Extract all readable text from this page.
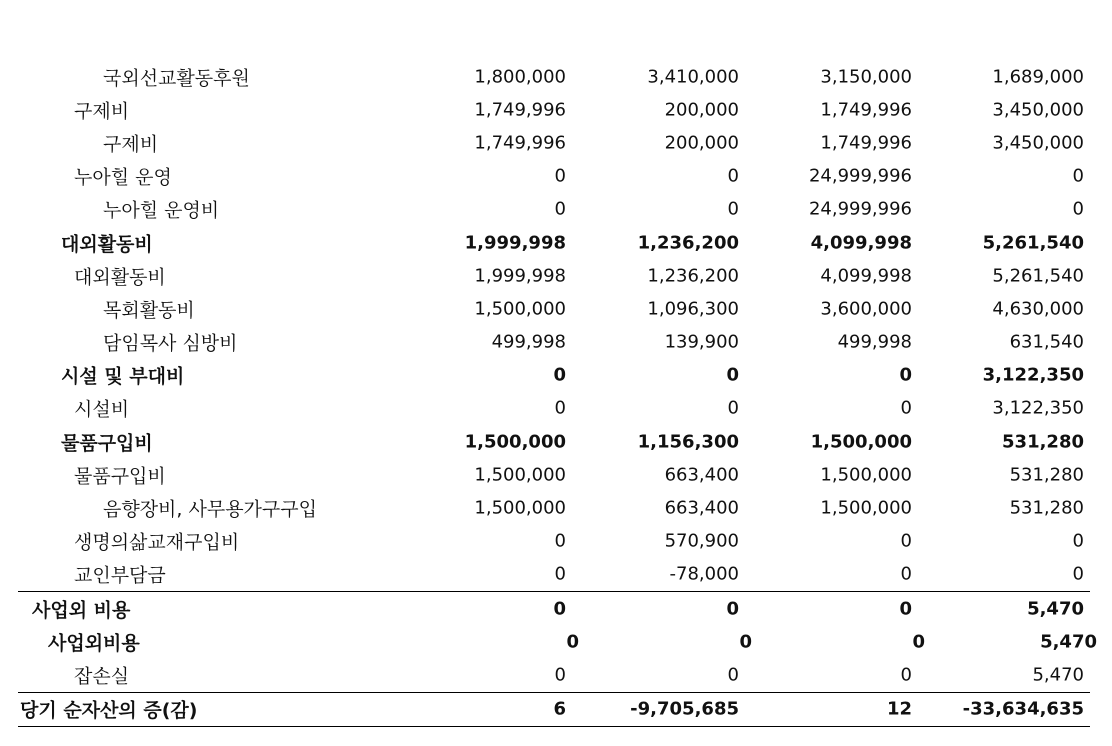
국외선교활동후원	1,800,000	3,410,000	3,150,000	1,689,000
구제비	1,749,996	200,000	1,749,996	3,450,000
구제비	1,749,996	200,000	1,749,996	3,450,000
누아힐 운영	0	0	24,999,996	0
누아힐 운영비	0	0	24,999,996	0
대외활동비	1,999,998	1,236,200	4,099,998	5,261,540
대외활동비	1,999,998	1,236,200	4,099,998	5,261,540
목회활동비	1,500,000	1,096,300	3,600,000	4,630,000
담임목사 심방비	499,998	139,900	499,998	631,540
시설 및 부대비	0	0	0	3,122,350
시설비	0	0	0	3,122,350
물품구입비	1,500,000	1,156,300	1,500,000	531,280
물품구입비	1,500,000	663,400	1,500,000	531,280
음향장비, 사무용가구구입	1,500,000	663,400	1,500,000	531,280
생명의삶교재구입비	0	570,900	0	0
교인부담금	0	-78,000	0	0
사업외 비용	0	0	0	5,470
사업외비용	0	0	0	5,470
잡손실	0	0	0	5,470
당기 순자산의 증(감)	6	-9,705,685	12	-33,634,635
